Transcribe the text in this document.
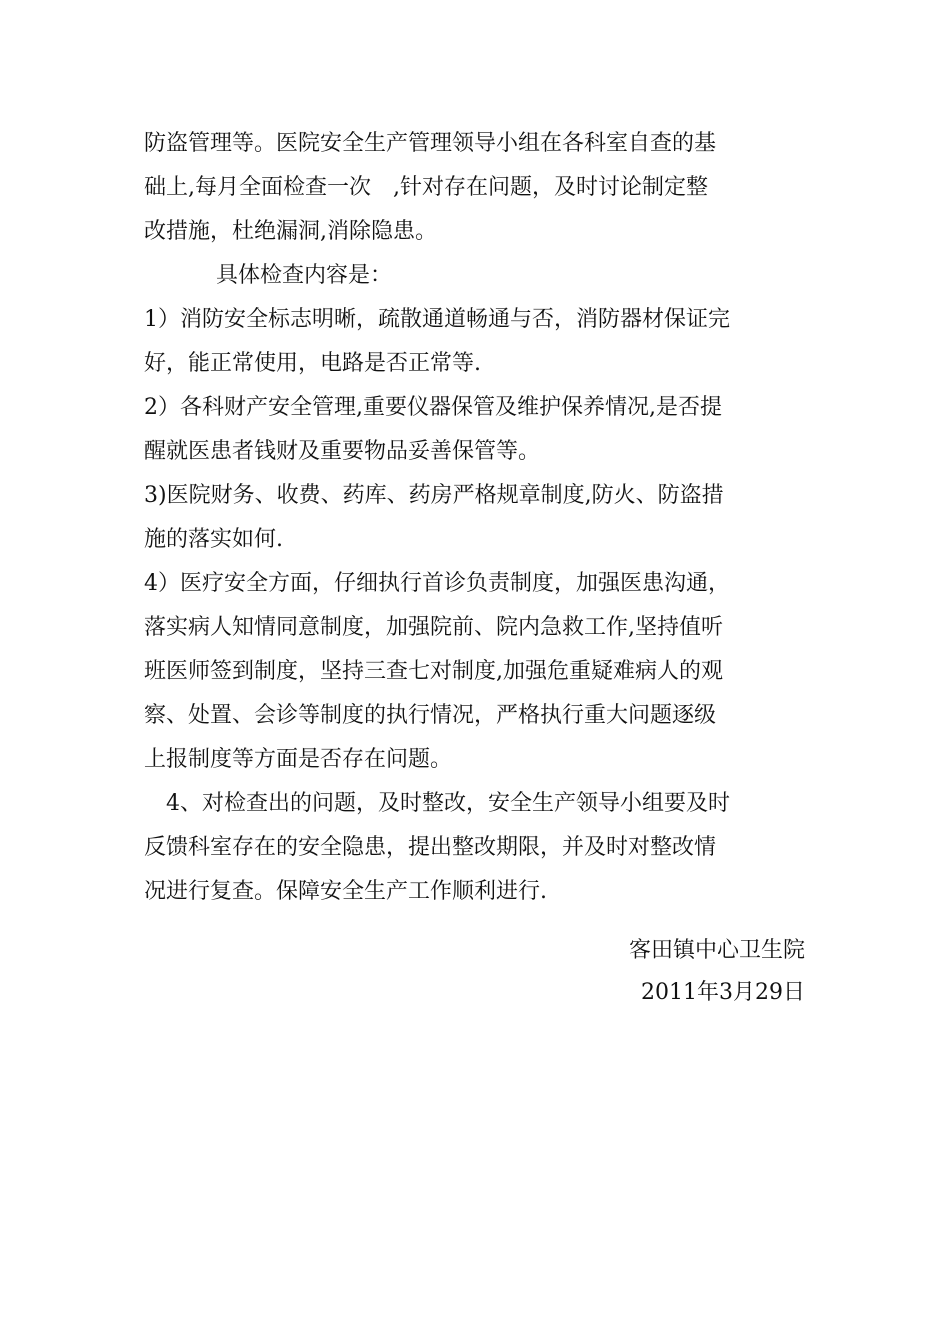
防盗管理等。医院安全生产管理领导小组在各科室自查的基
础上,每月全面检查一次　,针对存在问题，及时讨论制定整
改措施，杜绝漏洞,消除隐患。
具体检查内容是：
1）消防安全标志明晰，疏散通道畅通与否，消防器材保证完
好，能正常使用，电路是否正常等.
2）各科财产安全管理,重要仪器保管及维护保养情况,是否提
醒就医患者钱财及重要物品妥善保管等。
3)医院财务、收费、药库、药房严格规章制度,防火、防盗措
施的落实如何.
4）医疗安全方面，仔细执行首诊负责制度，加强医患沟通，
落实病人知情同意制度，加强院前、院内急救工作,坚持值听
班医师签到制度，坚持三查七对制度,加强危重疑难病人的观
察、处置、会诊等制度的执行情况，严格执行重大问题逐级
上报制度等方面是否存在问题。
4、对检查出的问题，及时整改，安全生产领导小组要及时
反馈科室存在的安全隐患，提出整改期限，并及时对整改情
况进行复查。保障安全生产工作顺利进行.
客田镇中心卫生院
2011年3月29日
